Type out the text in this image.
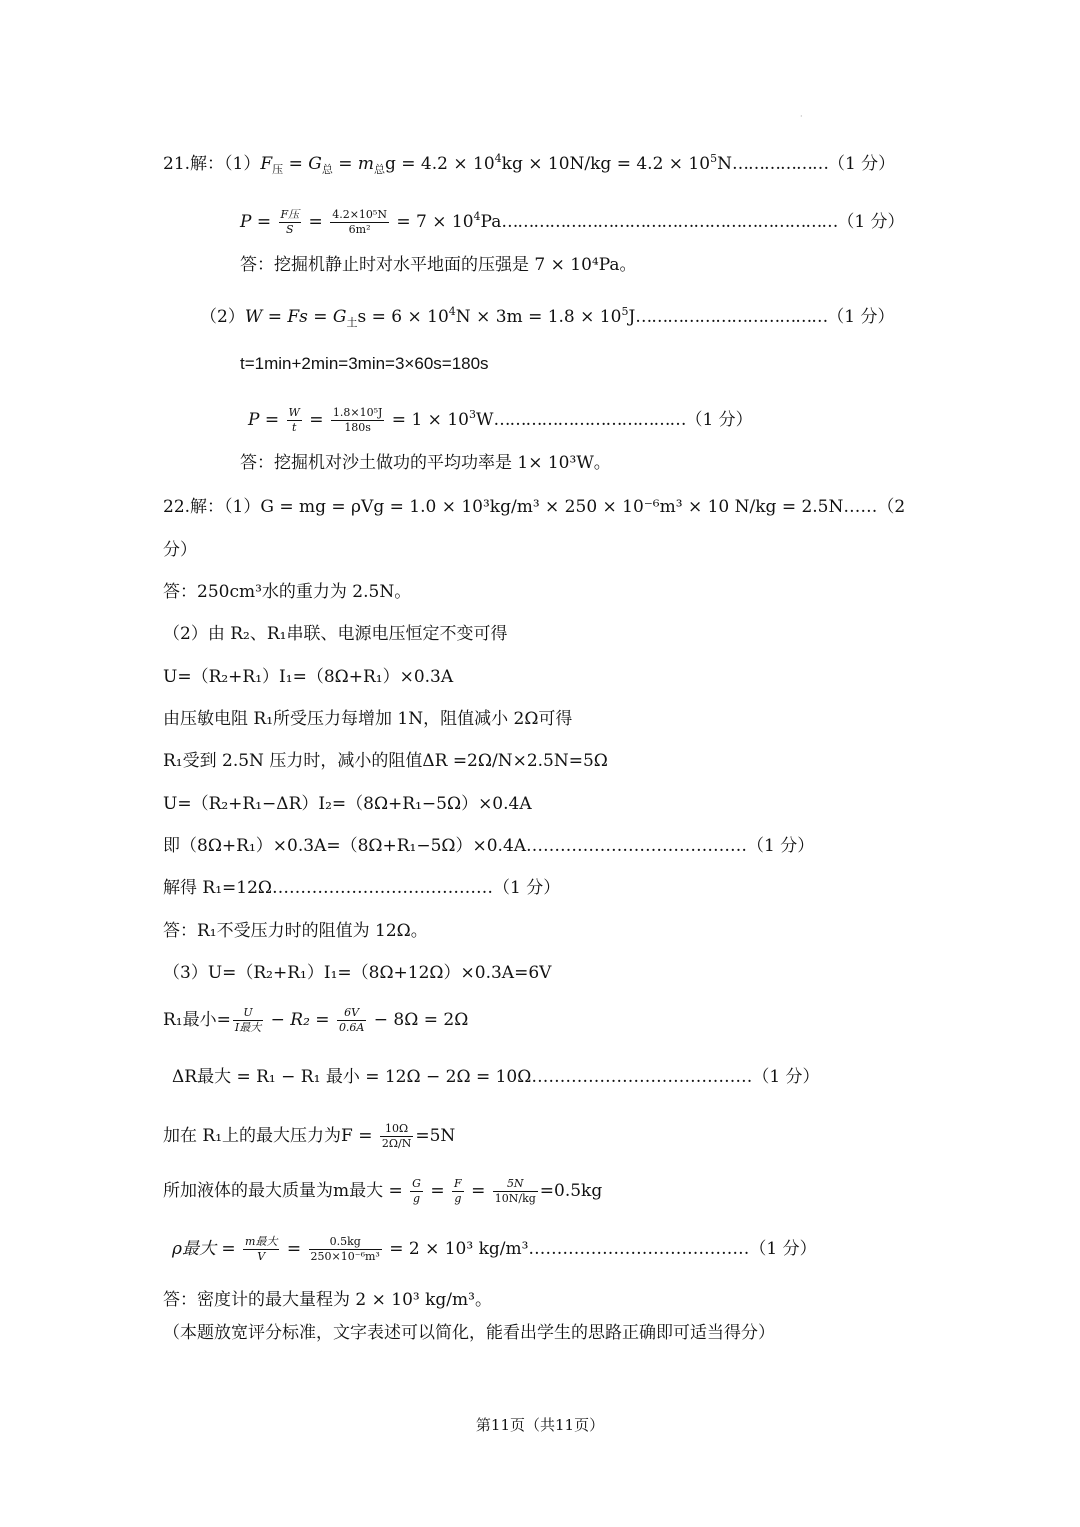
·
21.解：$(1)F_压 = G_总 = m_总g = 4.2 \times 10^4kg \times 10N/kg = 4.2$ × $10^5N\dots\dots\dots\dots\dots\dots(1$ 分）
$P = \frac{\text{F压}}{S} = \frac{\text{4.2×10⁵N}}{\text{6m²}} = 7$ × $10^4Pa\dots\dots\dots\dots\dots\dots\dots\dots\dots\dots\dots\dots\dots\dots\dots\dots\dots\dots\dots\dots\dots(1$ 分）
答：挖掘机静止时对水平地面的压强是 7 × 10⁴Pa。
$(2)W = Fs = G_土s = 6 \times 10^4N \times 3m = 1.8$ × $10^5J\dots\dots\dots\dots\dots\dots\dots\dots\dots\dots\dots\dots(1$ 分）
t=1min+2min=3min=3×60s=180s
$P = \frac{W}{t} = \frac{\text{1.8×10⁵J}}{180s} = 1$ × $10^3W\dots\dots\dots\dots\dots\dots\dots\dots\dots\dots\dots\dots(1$ 分）
答：挖掘机对沙土做功的平均功率是 1× 10³W。
22.解：（1）G = mg = ρVg = 1.0 × 10³kg/m³ × 250 × 10⁻⁶m³ × 10 N/kg = 2.5N……（2
分）
答：250cm³水的重力为 2.5N。
（2）由 R₂、R₁串联、电源电压恒定不变可得
U=（R₂+R₁）I₁=（8Ω+R₁）×0.3A
由压敏电阻 R₁所受压力每增加 1N，阻值减小 2Ω可得
R₁受到 2.5N 压力时，减小的阻值ΔR =2Ω/N×2.5N=5Ω
U=（R₂+R₁−ΔR）I₂=（8Ω+R₁−5Ω）×0.4A
即（8Ω+R₁）×0.3A=（8Ω+R₁−5Ω）×0.4A…………………………………（1 分）
解得 R₁=12Ω…………………………………（1 分）
答：R₁不受压力时的阻值为 12Ω。
（3）U=（R₂+R₁）I₁=（8Ω+12Ω）×0.3A=6V
R₁最小= $\frac{U}{\text{I最大}} - R_2 = \frac{6V}{0.6A} - 8\Omega = 2\Omega$
ΔR最大 = R₁ − R₁ 最小 = 12Ω − 2Ω = 10Ω…………………………………（1 分）
加在 R₁上的最大压力为$F = \frac{10\Omega}{2\Omega/N} =5N$
所加液体的最大质量为m最大 = $\frac{G}{g} = \frac{F}{g} = \frac{5N}{10N/kg} =0.5kg$
ρ最大 = $\frac{\text{m最大}}{V} = \frac{0.5kg}{\text{250×10⁻⁶m³}} = 2 \times 10^3$ kg/m³…………………………………（1 分）
答：密度计的最大量程为 2 × 10³ kg/m³。
（本题放宽评分标准，文字表述可以简化，能看出学生的思路正确即可适当得分）
第11页（共11页）
